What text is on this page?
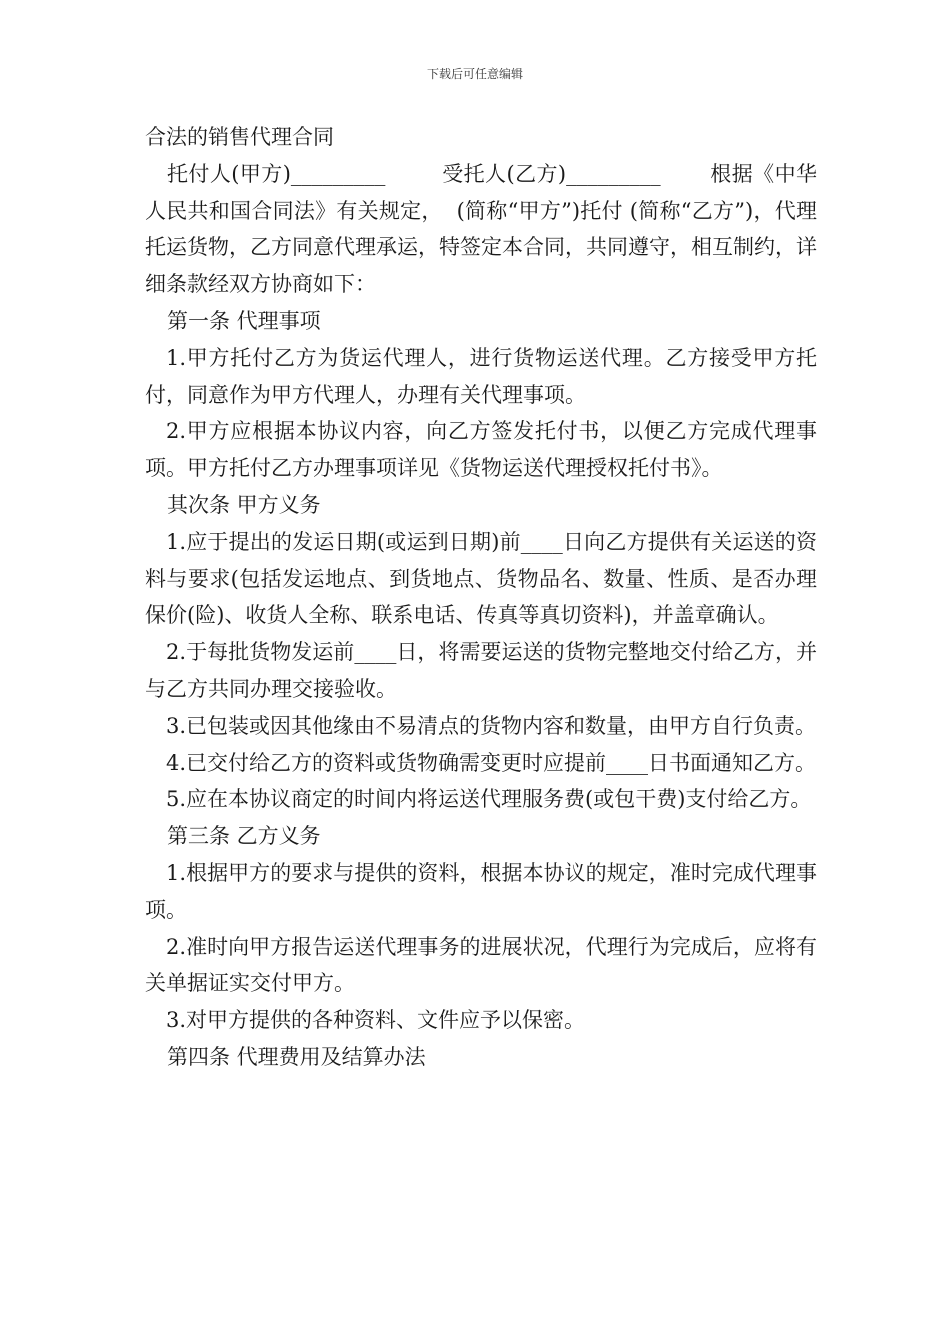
下载后可任意编辑

合法的销售代理合同

托付人(甲方)_________        受托人(乙方)_________       根据《中华人民共和国合同法》有关规定，  (简称“甲方”)托付 (简称“乙方”)，代理托运货物，乙方同意代理承运，特签定本合同，共同遵守，相互制约，详细条款经双方协商如下：

第一条 代理事项

1.甲方托付乙方为货运代理人，进行货物运送代理。乙方接受甲方托付，同意作为甲方代理人，办理有关代理事项。

2.甲方应根据本协议内容，向乙方签发托付书，以便乙方完成代理事项。甲方托付乙方办理事项详见《货物运送代理授权托付书》。

其次条 甲方义务

1.应于提出的发运日期(或运到日期)前____日向乙方提供有关运送的资料与要求(包括发运地点、到货地点、货物品名、数量、性质、是否办理保价(险)、收货人全称、联系电话、传真等真切资料)，并盖章确认。

2.于每批货物发运前____日，将需要运送的货物完整地交付给乙方，并与乙方共同办理交接验收。

3.已包装或因其他缘由不易清点的货物内容和数量，由甲方自行负责。

4.已交付给乙方的资料或货物确需变更时应提前____日书面通知乙方。

5.应在本协议商定的时间内将运送代理服务费(或包干费)支付给乙方。

第三条 乙方义务

1.根据甲方的要求与提供的资料，根据本协议的规定，准时完成代理事项。

2.准时向甲方报告运送代理事务的进展状况，代理行为完成后，应将有关单据证实交付甲方。

3.对甲方提供的各种资料、文件应予以保密。

第四条 代理费用及结算办法
